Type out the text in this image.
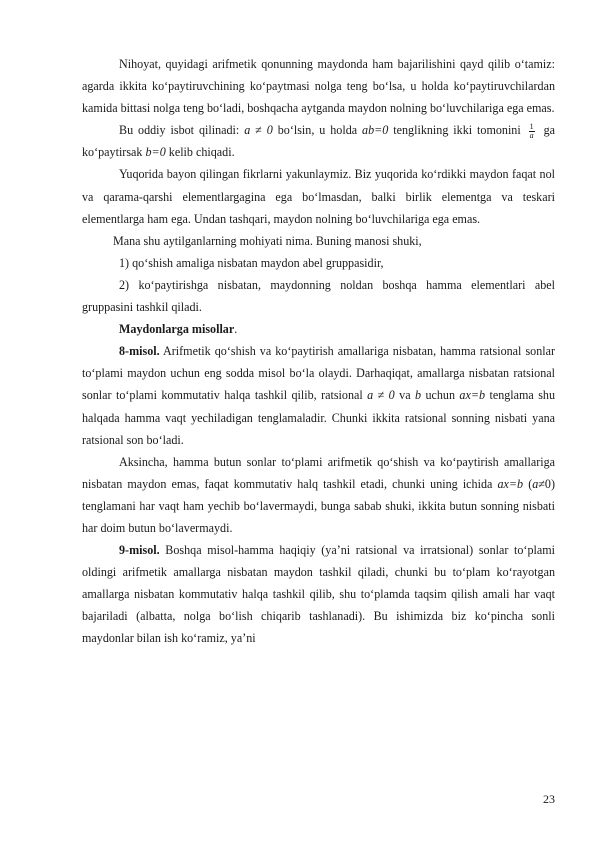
Nihoyat, quyidagi arifmetik qonunning maydonda ham bajarilishini qayd qilib o‘tamiz: agarda ikkita ko‘paytiruvchining ko‘paytmasi nolga teng bo‘lsa, u holda ko‘paytiruvchilardan kamida bittasi nolga teng bo‘ladi, boshqacha aytganda maydon nolning bo‘luvchilariga ega emas.

Bu oddiy isbot qilinadi: a ≠ 0 bo‘lsin, u holda ab=0 tenglikning ikki tomonini $\frac{1}{a}$ ga ko‘paytirsak b=0 kelib chiqadi.

Yuqorida bayon qilingan fikrlarni yakunlaymiz. Biz yuqorida ko‘rdikki maydon faqat nol va qarama-qarshi elementlargagina ega bo‘lmasdan, balki birlik elementga va teskari elementlarga ham ega. Undan tashqari, maydon nolning bo‘luvchilariga ega emas.

Mana shu aytilganlarning mohiyati nima. Buning manosi shuki,

1) qo‘shish amaliga nisbatan maydon abel gruppasidir,

2) ko‘paytirishga nisbatan, maydonning noldan boshqa hamma elementlari abel gruppasini tashkil qiladi.

Maydonlarga misollar.

8-misol. Arifmetik qo‘shish va ko‘paytirish amallariga nisbatan, hamma ratsional sonlar to‘plami maydon uchun eng sodda misol bo‘la olaydi. Darhaqiqat, amallarga nisbatan ratsional sonlar to‘plami kommutativ halqa tashkil qilib, ratsional a ≠ 0 va b uchun ax=b tenglama shu halqada hamma vaqt yechiladigan tenglamaladir. Chunki ikkita ratsional sonning nisbati yana ratsional son bo‘ladi.

Aksincha, hamma butun sonlar to‘plami arifmetik qo‘shish va ko‘paytirish amallariga nisbatan maydon emas, faqat kommutativ halq tashkil etadi, chunki uning ichida ax=b (a≠0) tenglamani har vaqt ham yechib bo‘lavermaydi, bunga sabab shuki, ikkita butun sonning nisbati har doim butun bo‘lavermaydi.

9-misol. Boshqa misol-hamma haqiqiy (ya’ni ratsional va irratsional) sonlar to‘plami oldingi arifmetik amallarga nisbatan maydon tashkil qiladi, chunki bu to‘plam ko‘rayotgan amallarga nisbatan kommutativ halqa tashkil qilib, shu to‘plamda taqsim qilish amali har vaqt bajariladi (albatta, nolga bo‘lish chiqarib tashlanadi). Bu ishimizda biz ko‘pincha sonli maydonlar bilan ish ko‘ramiz, ya’ni

23
